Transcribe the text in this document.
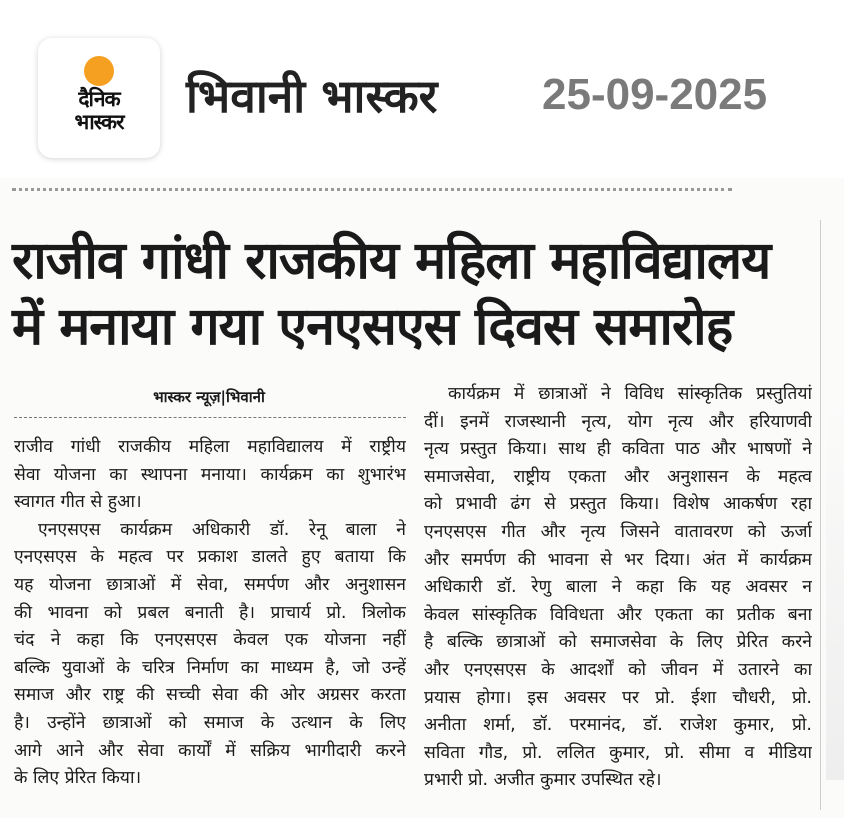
दैनिक
भास्कर भिवानी भास्कर 25-09-2025
राजीव गांधी राजकीय महिला महाविद्यालय
में मनाया गया एनएसएस दिवस समारोह
भास्कर न्यूज़|भिवानी
राजीव गांधी राजकीय महिला महाविद्यालय में राष्ट्रीय
सेवा योजना का स्थापना मनाया। कार्यक्रम का शुभारंभ
स्वागत गीत से हुआ।
एनएसएस कार्यक्रम अधिकारी डॉ. रेनू बाला ने
एनएसएस के महत्व पर प्रकाश डालते हुए बताया कि
यह योजना छात्राओं में सेवा, समर्पण और अनुशासन
की भावना को प्रबल बनाती है। प्राचार्य प्रो. त्रिलोक
चंद ने कहा कि एनएसएस केवल एक योजना नहीं
बल्कि युवाओं के चरित्र निर्माण का माध्यम है, जो उन्हें
समाज और राष्ट्र की सच्ची सेवा की ओर अग्रसर करता
है। उन्होंने छात्राओं को समाज के उत्थान के लिए
आगे आने और सेवा कार्यों में सक्रिय भागीदारी करने
के लिए प्रेरित किया।
कार्यक्रम में छात्राओं ने विविध सांस्कृतिक प्रस्तुतियां
दीं। इनमें राजस्थानी नृत्य, योग नृत्य और हरियाणवी
नृत्य प्रस्तुत किया। साथ ही कविता पाठ और भाषणों ने
समाजसेवा, राष्ट्रीय एकता और अनुशासन के महत्व
को प्रभावी ढंग से प्रस्तुत किया। विशेष आकर्षण रहा
एनएसएस गीत और नृत्य जिसने वातावरण को ऊर्जा
और समर्पण की भावना से भर दिया। अंत में कार्यक्रम
अधिकारी डॉ. रेणु बाला ने कहा कि यह अवसर न
केवल सांस्कृतिक विविधता और एकता का प्रतीक बना
है बल्कि छात्राओं को समाजसेवा के लिए प्रेरित करने
और एनएसएस के आदर्शों को जीवन में उतारने का
प्रयास होगा। इस अवसर पर प्रो. ईशा चौधरी, प्रो.
अनीता शर्मा, डॉ. परमानंद, डॉ. राजेश कुमार, प्रो.
सविता गौड, प्रो. ललित कुमार, प्रो. सीमा व मीडिया
प्रभारी प्रो. अजीत कुमार उपस्थित रहे।
